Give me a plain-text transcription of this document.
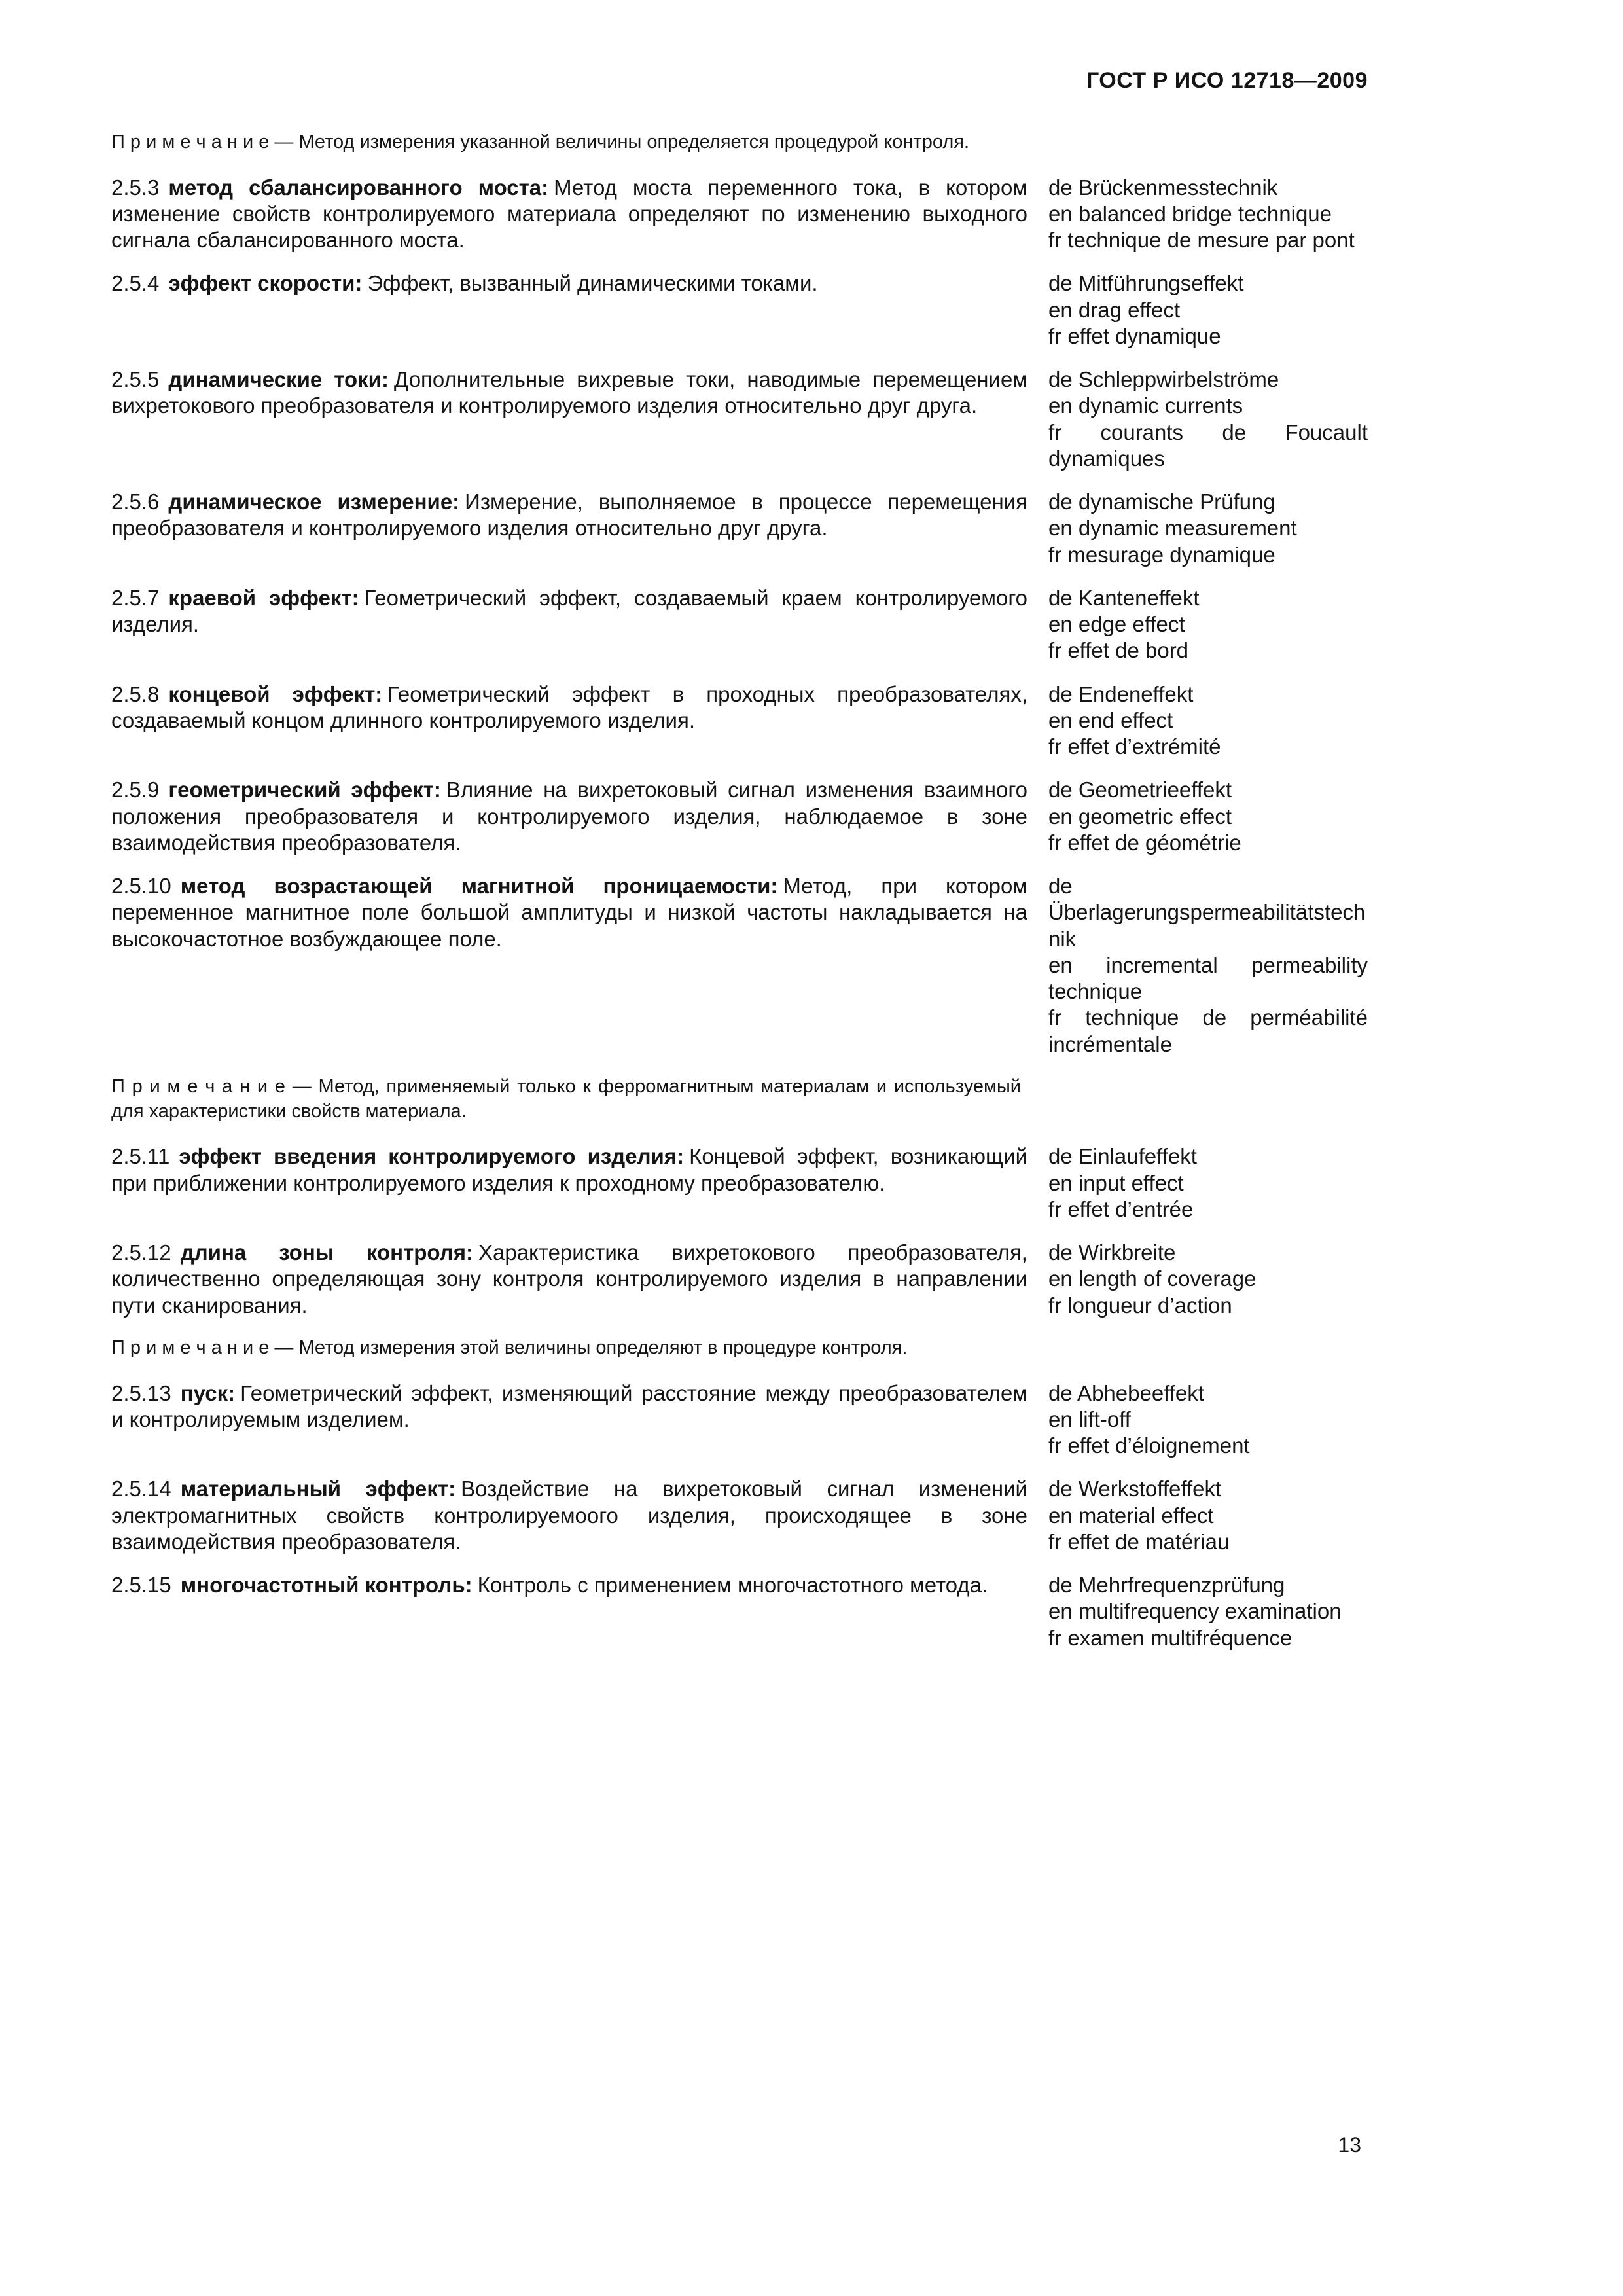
ГОСТ Р ИСО 12718—2009

П р и м е ч а н и е — Метод измерения указанной величины определяется процедурой контроля.

2.5.3 метод сбалансированного моста: Метод моста переменного тока, в котором изменение свойств контролируемого материала определяют по изменению выходного сигнала сбалансированного моста.

de Brückenmesstechnik
en balanced bridge technique
fr technique de mesure par pont

2.5.4 эффект скорости: Эффект, вызванный динамическими токами.	de Mitführungseffekt
en drag effect
fr effet dynamique

2.5.5 динамические токи: Дополнительные вихревые токи, наводимые перемещением вихретокового преобразователя и контролируемого изделия относительно друг друга.

de Schleppwirbelströme
en dynamic currents
fr courants de Foucault dynamiques

2.5.6 динамическое измерение: Измерение, выполняемое в процессе перемещения преобразователя и контролируемого изделия относительно друг друга.

de dynamische Prüfung
en dynamic measurement
fr mesurage dynamique

2.5.7 краевой эффект: Геометрический эффект, создаваемый краем контролируемого изделия.

de Kanteneffekt
en edge effect
fr effet de bord

2.5.8 концевой эффект: Геометрический эффект в проходных преобразователях, создаваемый концом длинного контролируемого изделия.

de Endeneffekt
en end effect
fr effet d’extrémité

2.5.9 геометрический эффект: Влияние на вихретоковый сигнал изменения взаимного положения преобразователя и контролируемого изделия, наблюдаемое в зоне взаимодействия преобразователя.

de Geometrieeffekt
en geometric effect
fr effet de géométrie

2.5.10 метод возрастающей магнитной проницаемости: Метод, при котором переменное магнитное поле большой амплитуды и низкой частоты накладывается на высокочастотное возбуждающее поле.

de Überlagerungspermeabilitätstechnik
en incremental permeability technique
fr technique de perméabilité incrémentale

П р и м е ч а н и е — Метод, применяемый только к ферромагнитным материалам и используемый для характеристики свойств материала.

2.5.11 эффект введения контролируемого изделия: Концевой эффект, возникающий при приближении контролируемого изделия к проходному преобразователю.

de Einlaufeffekt
en input effect
fr effet d’entrée

2.5.12 длина зоны контроля: Характеристика вихретокового преобразователя, количественно определяющая зону контроля контролируемого изделия в направлении пути сканирования.

de Wirkbreite
en length of coverage
fr longueur d’action

П р и м е ч а н и е — Метод измерения этой величины определяют в процедуре контроля.

2.5.13 пуск: Геометрический эффект, изменяющий расстояние между преобразователем и контролируемым изделием.

de Abhebeeffekt
en lift-off
fr effet d’éloignement

2.5.14 материальный эффект: Воздействие на вихретоковый сигнал изменений электромагнитных свойств контролируемоого изделия, происходящее в зоне взаимодействия преобразователя.

de Werkstoffeffekt
en material effect
fr effet de matériau

2.5.15 многочастотный контроль: Контроль с применением многочастотного метода.	de Mehrfrequenzprüfung
en multifrequency examination
fr examen multifréquence
13
